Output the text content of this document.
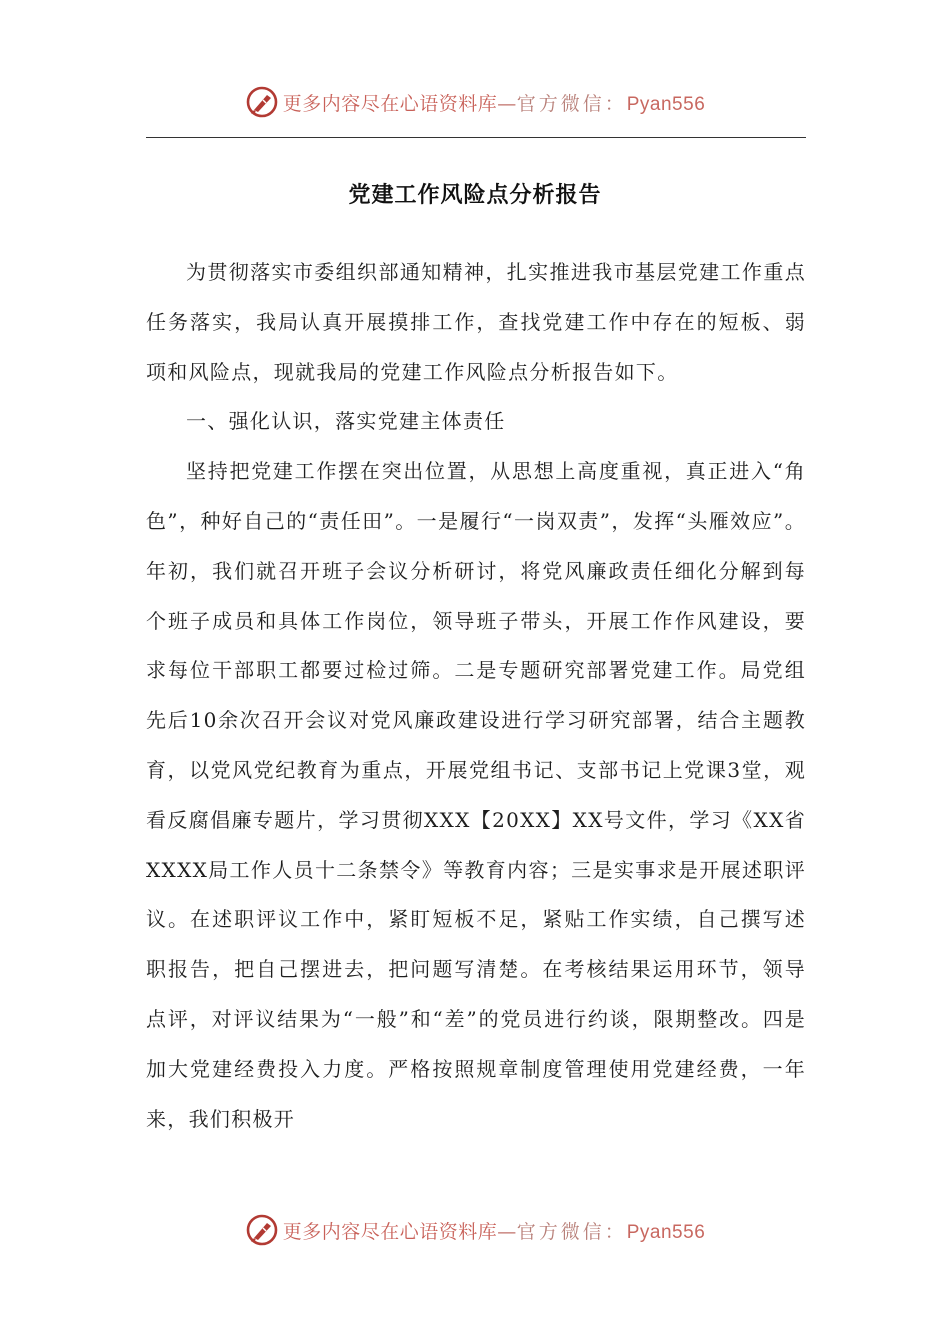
更多内容尽在心语资料库—官方微信：Pyan556
党建工作风险点分析报告

为贯彻落实市委组织部通知精神，扎实推进我市基层党建工作重点任务落实，我局认真开展摸排工作，查找党建工作中存在的短板、弱项和风险点，现就我局的党建工作风险点分析报告如下。

一、强化认识，落实党建主体责任

坚持把党建工作摆在突出位置，从思想上高度重视，真正进入“角色”，种好自己的“责任田”。一是履行“一岗双责”，发挥“头雁效应”。年初，我们就召开班子会议分析研讨，将党风廉政责任细化分解到每个班子成员和具体工作岗位，领导班子带头，开展工作作风建设，要求每位干部职工都要过检过筛。二是专题研究部署党建工作。局党组先后10余次召开会议对党风廉政建设进行学习研究部署，结合主题教育，以党风党纪教育为重点，开展党组书记、支部书记上党课3堂，观看反腐倡廉专题片，学习贯彻XXX【20XX】XX号文件，学习《XX省XXXX局工作人员十二条禁令》等教育内容；三是实事求是开展述职评议。在述职评议工作中，紧盯短板不足，紧贴工作实绩，自己撰写述职报告，把自己摆进去，把问题写清楚。在考核结果运用环节，领导点评，对评议结果为“一般”和“差”的党员进行约谈，限期整改。四是加大党建经费投入力度。严格按照规章制度管理使用党建经费，一年来，我们积极开

更多内容尽在心语资料库—官方微信：Pyan556
